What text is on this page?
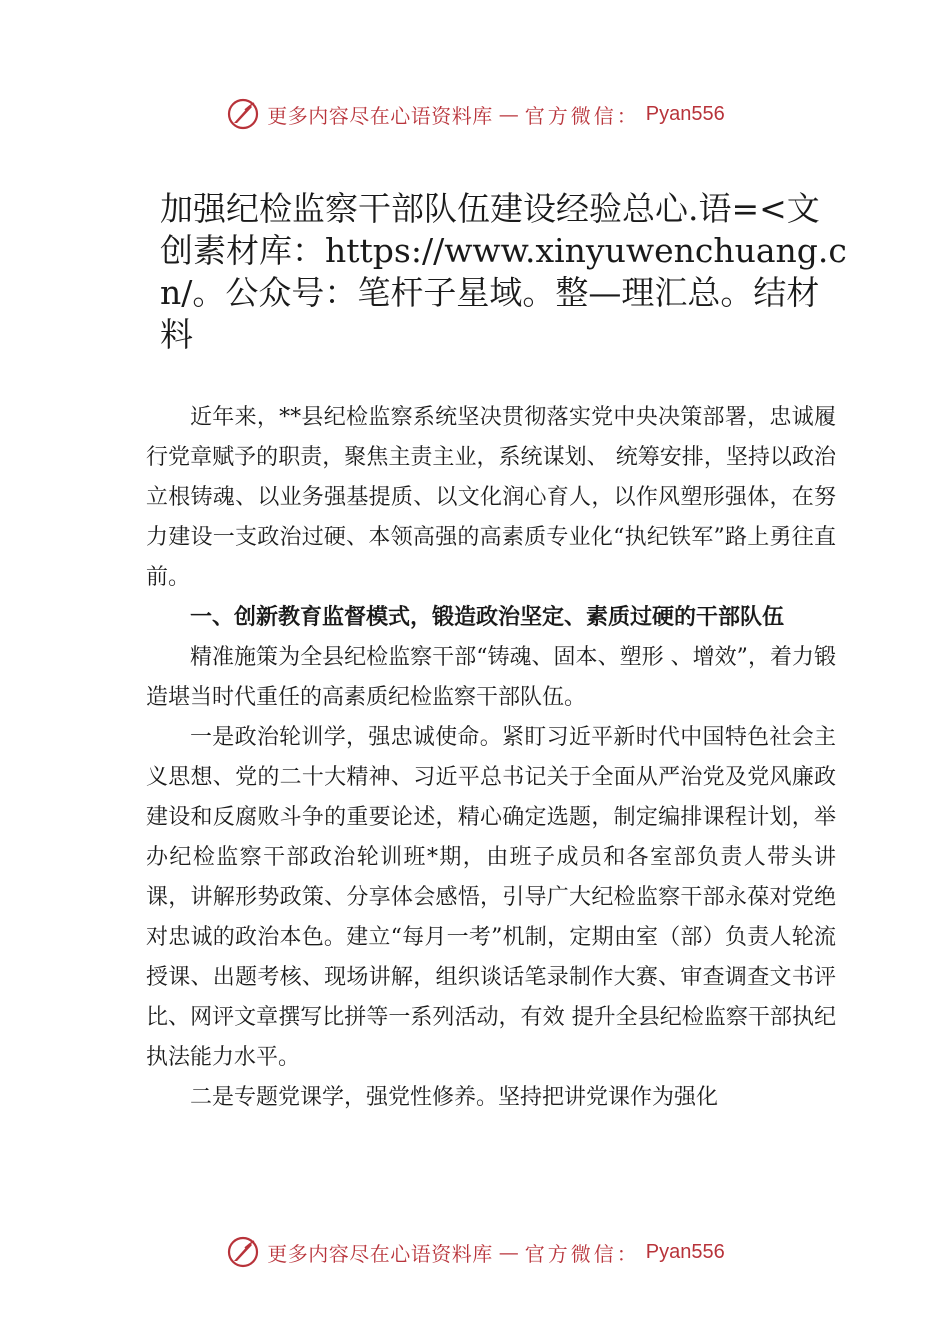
更多内容尽在心语资料库 — 官方微信： Pyan556
加强纪检监察干部队伍建设经验总心.语=<文创素材库：https://www.xinyuwenchuang.cn/。公众号：笔杆子星域。整—理汇总。结材料

近年来，**县纪检监察系统坚决贯彻落实党中央决策部署，忠诚履行党章赋予的职责，聚焦主责主业，系统谋划、 统筹安排，坚持以政治立根铸魂、以业务强基提质、以文化润心育人，以作风塑形强体，在努力建设一支政治过硬、本领高强的高素质专业化“执纪铁军”路上勇往直前。

一、创新教育监督模式，锻造政治坚定、素质过硬的干部队伍

精准施策为全县纪检监察干部“铸魂、固本、塑形 、增效”，着力锻造堪当时代重任的高素质纪检监察干部队伍。

一是政治轮训学，强忠诚使命。紧盯习近平新时代中国特色社会主义思想、党的二十大精神、习近平总书记关于全面从严治党及党风廉政建设和反腐败斗争的重要论述，精心确定选题，制定编排课程计划，举办纪检监察干部政治轮训班*期，由班子成员和各室部负责人带头讲课，讲解形势政策、分享体会感悟，引导广大纪检监察干部永葆对党绝对忠诚的政治本色。建立“每月一考”机制，定期由室（部）负责人轮流授课、出题考核、现场讲解，组织谈话笔录制作大赛、审查调查文书评比、网评文章撰写比拼等一系列活动，有效 提升全县纪检监察干部执纪执法能力水平。

二是专题党课学，强党性修养。坚持把讲党课作为强化

更多内容尽在心语资料库 — 官方微信： Pyan556
